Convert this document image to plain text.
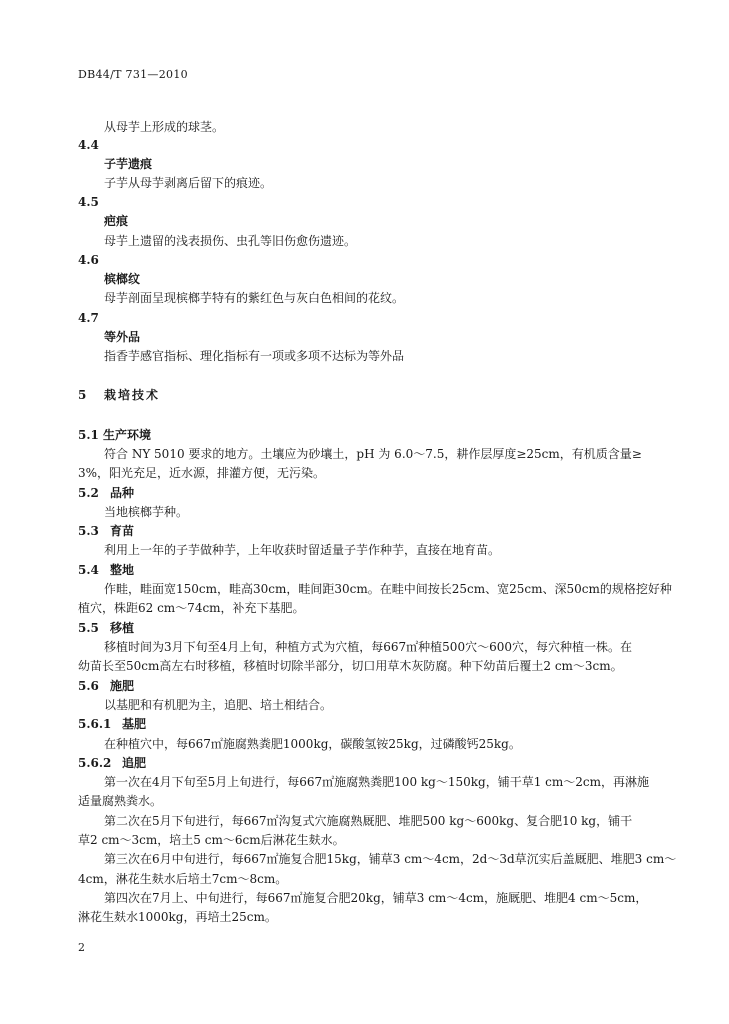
DB44/T 731—2010
从母芋上形成的球茎。
4.4
子芋遗痕
子芋从母芋剥离后留下的痕迹。
4.5
疤痕
母芋上遗留的浅表损伤、虫孔等旧伤愈伤遗迹。
4.6
槟榔纹
母芋剖面呈现槟榔芋特有的紫红色与灰白色相间的花纹。
4.7
等外品
指香芋感官指标、理化指标有一项或多项不达标为等外品
5 栽培技术
5.1 生产环境
符合 NY 5010 要求的地方。土壤应为砂壤土，pH 为 6.0～7.5，耕作层厚度≥25cm，有机质含量≥
3%，阳光充足，近水源，排灌方便，无污染。
5.2 品种
当地槟榔芋种。
5.3 育苗
利用上一年的子芋做种芋，上年收获时留适量子芋作种芋，直接在地育苗。
5.4 整地
作畦，畦面宽150cm，畦高30cm，畦间距30cm。在畦中间按长25cm、宽25cm、深50cm的规格挖好种
植穴，株距62 cm～74cm，补充下基肥。
5.5 移植
移植时间为3月下旬至4月上旬，种植方式为穴植，每667㎡种植500穴～600穴，每穴种植一株。在
幼苗长至50cm高左右时移植，移植时切除半部分，切口用草木灰防腐。种下幼苗后覆土2 cm～3cm。
5.6 施肥
以基肥和有机肥为主，追肥、培土相结合。
5.6.1 基肥
在种植穴中，每667㎡施腐熟粪肥1000kg，碳酸氢铵25kg，过磷酸钙25kg。
5.6.2 追肥
第一次在4月下旬至5月上旬进行，每667㎡施腐熟粪肥100 kg～150kg，铺干草1 cm～2cm，再淋施
适量腐熟粪水。
第二次在5月下旬进行，每667㎡沟复式穴施腐熟厩肥、堆肥500 kg～600kg、复合肥10 kg，铺干
草2 cm～3cm，培土5 cm～6cm后淋花生麸水。
第三次在6月中旬进行，每667㎡施复合肥15kg，铺草3 cm～4cm，2d～3d草沉实后盖厩肥、堆肥3 cm～
4cm，淋花生麸水后培土7cm～8cm。
第四次在7月上、中旬进行，每667㎡施复合肥20kg，铺草3 cm～4cm，施厩肥、堆肥4 cm～5cm，
淋花生麸水1000kg，再培土25cm。
2
